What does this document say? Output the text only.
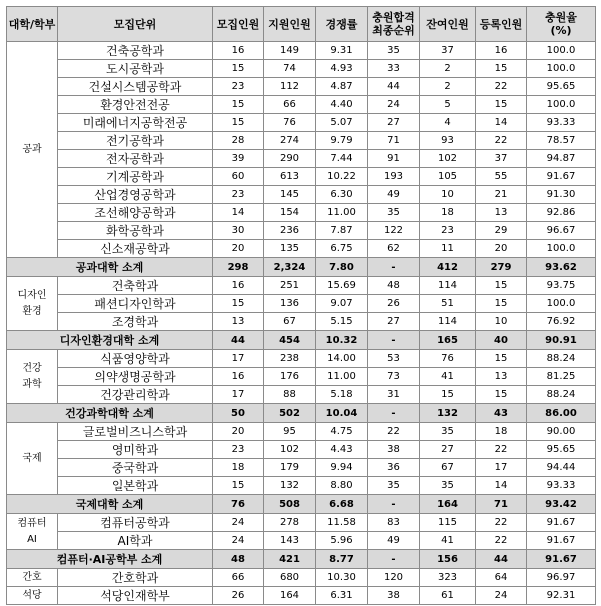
대학/학부	모집단위	모집인원	지원인원	경쟁률	충원합격
최종순위	잔여인원	등록인원	충원율
(%)
공과	건축공학과	16	149	9.31	35	37	16	100.0
	도시공학과	15	74	4.93	33	2	15	100.0
	건설시스템공학과	23	112	4.87	44	2	22	95.65
	환경안전전공	15	66	4.40	24	5	15	100.0
	미래에너지공학전공	15	76	5.07	27	4	14	93.33
	전기공학과	28	274	9.79	71	93	22	78.57
	전자공학과	39	290	7.44	91	102	37	94.87
	기계공학과	60	613	10.22	193	105	55	91.67
	산업경영공학과	23	145	6.30	49	10	21	91.30
	조선해양공학과	14	154	11.00	35	18	13	92.86
	화학공학과	30	236	7.87	122	23	29	96.67
	신소재공학과	20	135	6.75	62	11	20	100.0
공과대학 소계		298	2,324	7.80	-	412	279	93.62
디자인
환경	건축학과	16	251	15.69	48	114	15	93.75
	패션디자인학과	15	136	9.07	26	51	15	100.0
	조경학과	13	67	5.15	27	114	10	76.92
디자인환경대학 소계		44	454	10.32	-	165	40	90.91
건강
과학	식품영양학과	17	238	14.00	53	76	15	88.24
	의약생명공학과	16	176	11.00	73	41	13	81.25
	건강관리학과	17	88	5.18	31	15	15	88.24
건강과학대학 소계		50	502	10.04	-	132	43	86.00
국제	글로벌비즈니스학과	20	95	4.75	22	35	18	90.00
	영미학과	23	102	4.43	38	27	22	95.65
	중국학과	18	179	9.94	36	67	17	94.44
	일본학과	15	132	8.80	35	35	14	93.33
국제대학 소계		76	508	6.68	-	164	71	93.42
컴퓨터
AI	컴퓨터공학과	24	278	11.58	83	115	22	91.67
	AI학과	24	143	5.96	49	41	22	91.67
컴퓨터·AI공학부 소계		48	421	8.77	-	156	44	91.67
간호	간호학과	66	680	10.30	120	323	64	96.97
석당	석당인재학부	26	164	6.31	38	61	24	92.31
